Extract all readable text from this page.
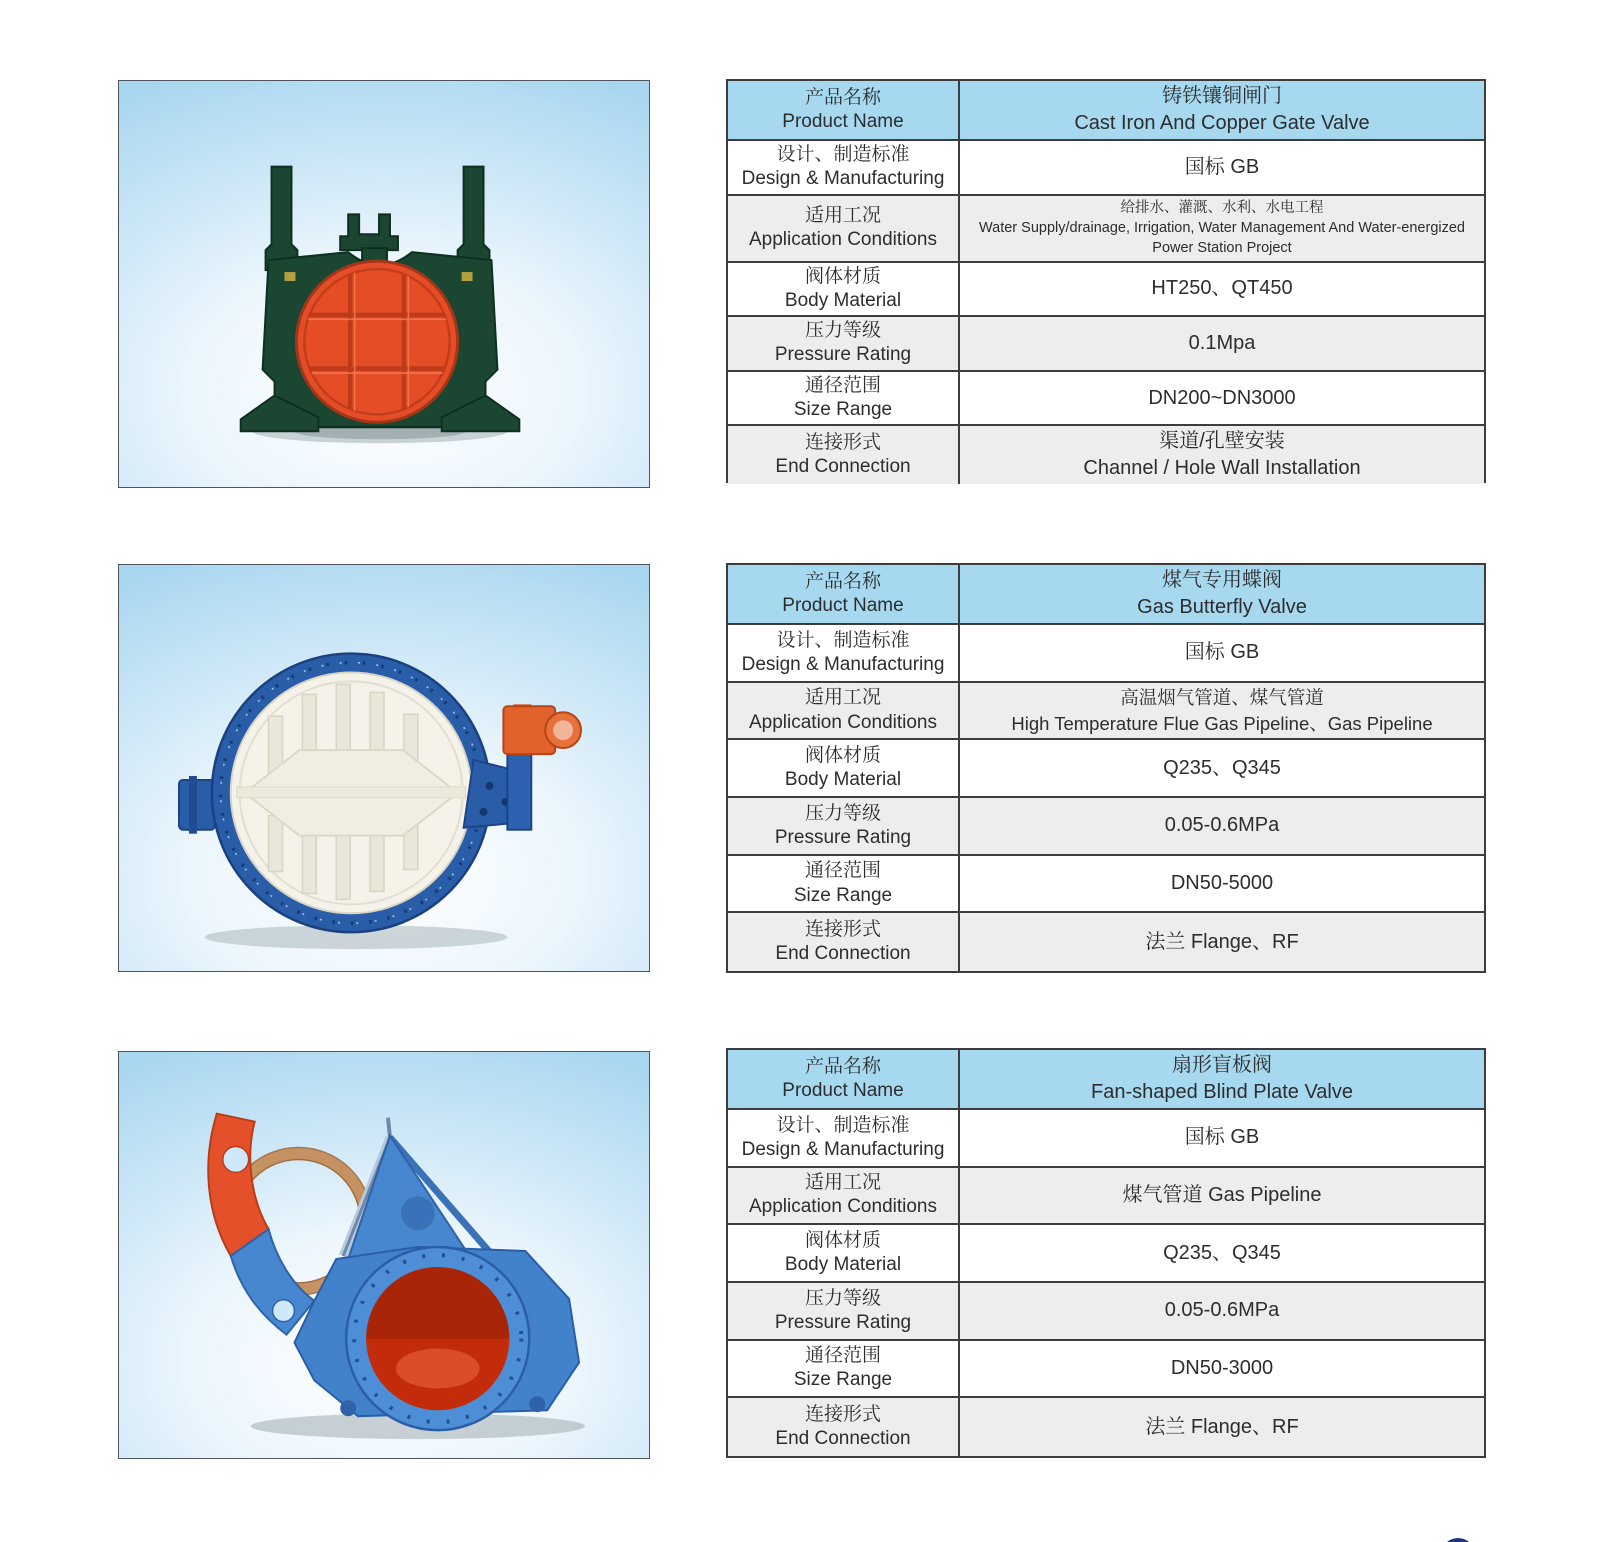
产品名称
Product Name
铸铁镶铜闸门
Cast Iron And Copper Gate Valve
设计、制造标准
Design & Manufacturing
国标 GB
适用工况
Application Conditions
给排水、灌溉、水利、水电工程
Water Supply/drainage, Irrigation, Water Management And Water-energized Power Station Project
阀体材质
Body Material
HT250、QT450
压力等级
Pressure Rating
0.1Mpa
通径范围
Size Range
DN200~DN3000
连接形式
End Connection
渠道/孔壁安装
Channel / Hole Wall Installation
产品名称
Product Name
煤气专用蝶阀
Gas Butterfly Valve
设计、制造标准
Design & Manufacturing
国标 GB
适用工况
Application Conditions
高温烟气管道、煤气管道
High Temperature Flue Gas Pipeline、Gas Pipeline
阀体材质
Body Material
Q235、Q345
压力等级
Pressure Rating
0.05-0.6MPa
通径范围
Size Range
DN50-5000
连接形式
End Connection
法兰 Flange、RF
产品名称
Product Name
扇形盲板阀
Fan-shaped Blind Plate Valve
设计、制造标准
Design & Manufacturing
国标 GB
适用工况
Application Conditions
煤气管道 Gas Pipeline
阀体材质
Body Material
Q235、Q345
压力等级
Pressure Rating
0.05-0.6MPa
通径范围
Size Range
DN50-3000
连接形式
End Connection
法兰 Flange、RF
